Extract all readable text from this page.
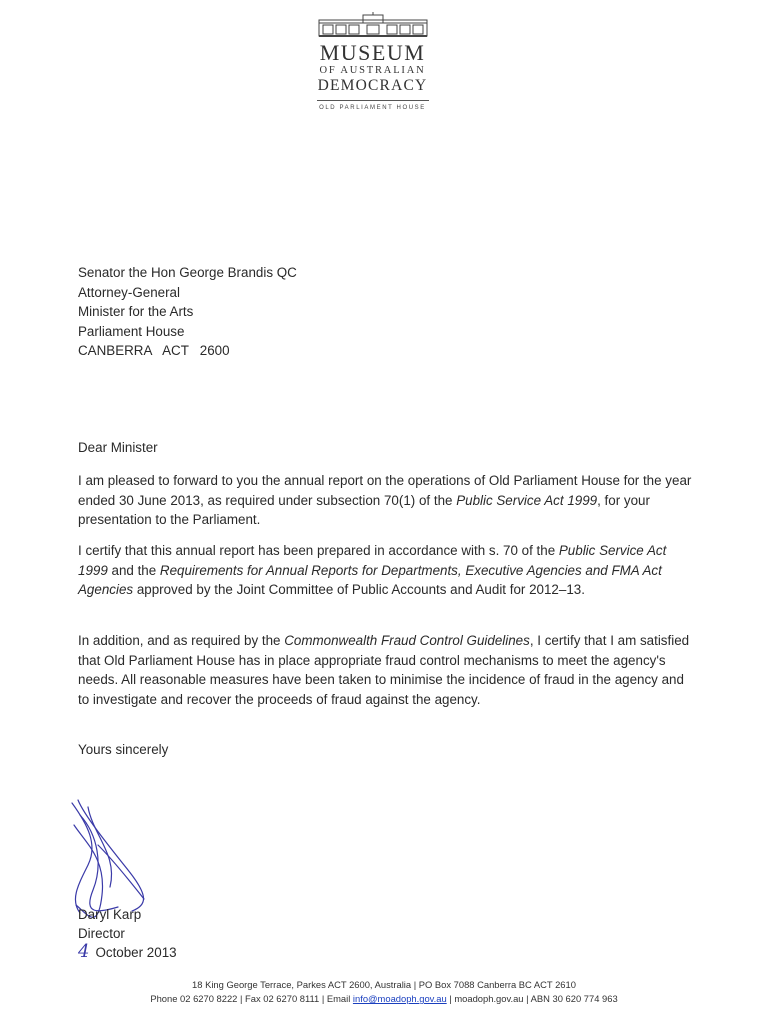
MUSEUM
OF AUSTRALIAN
DEMOCRACY
OLD PARLIAMENT HOUSE
Senator the Hon George Brandis QC
Attorney-General
Minister for the Arts
Parliament House
CANBERRA   ACT   2600
Dear Minister
I am pleased to forward to you the annual report on the operations of Old Parliament House for the year ended 30 June 2013, as required under subsection 70(1) of the Public Service Act 1999, for your presentation to the Parliament.
I certify that this annual report has been prepared in accordance with s. 70 of the Public Service Act 1999 and the Requirements for Annual Reports for Departments, Executive Agencies and FMA Act Agencies approved by the Joint Committee of Public Accounts and Audit for 2012–13.
In addition, and as required by the Commonwealth Fraud Control Guidelines, I certify that I am satisfied that Old Parliament House has in place appropriate fraud control mechanisms to meet the agency's needs. All reasonable measures have been taken to minimise the incidence of fraud in the agency and to investigate and recover the proceeds of fraud against the agency.
Yours sincerely
Daryl Karp
Director
4 October 2013
18 King George Terrace, Parkes ACT 2600, Australia | PO Box 7088 Canberra BC ACT 2610
Phone 02 6270 8222 | Fax 02 6270 8111 | Email info@moadoph.gov.au | moadoph.gov.au | ABN 30 620 774 963
